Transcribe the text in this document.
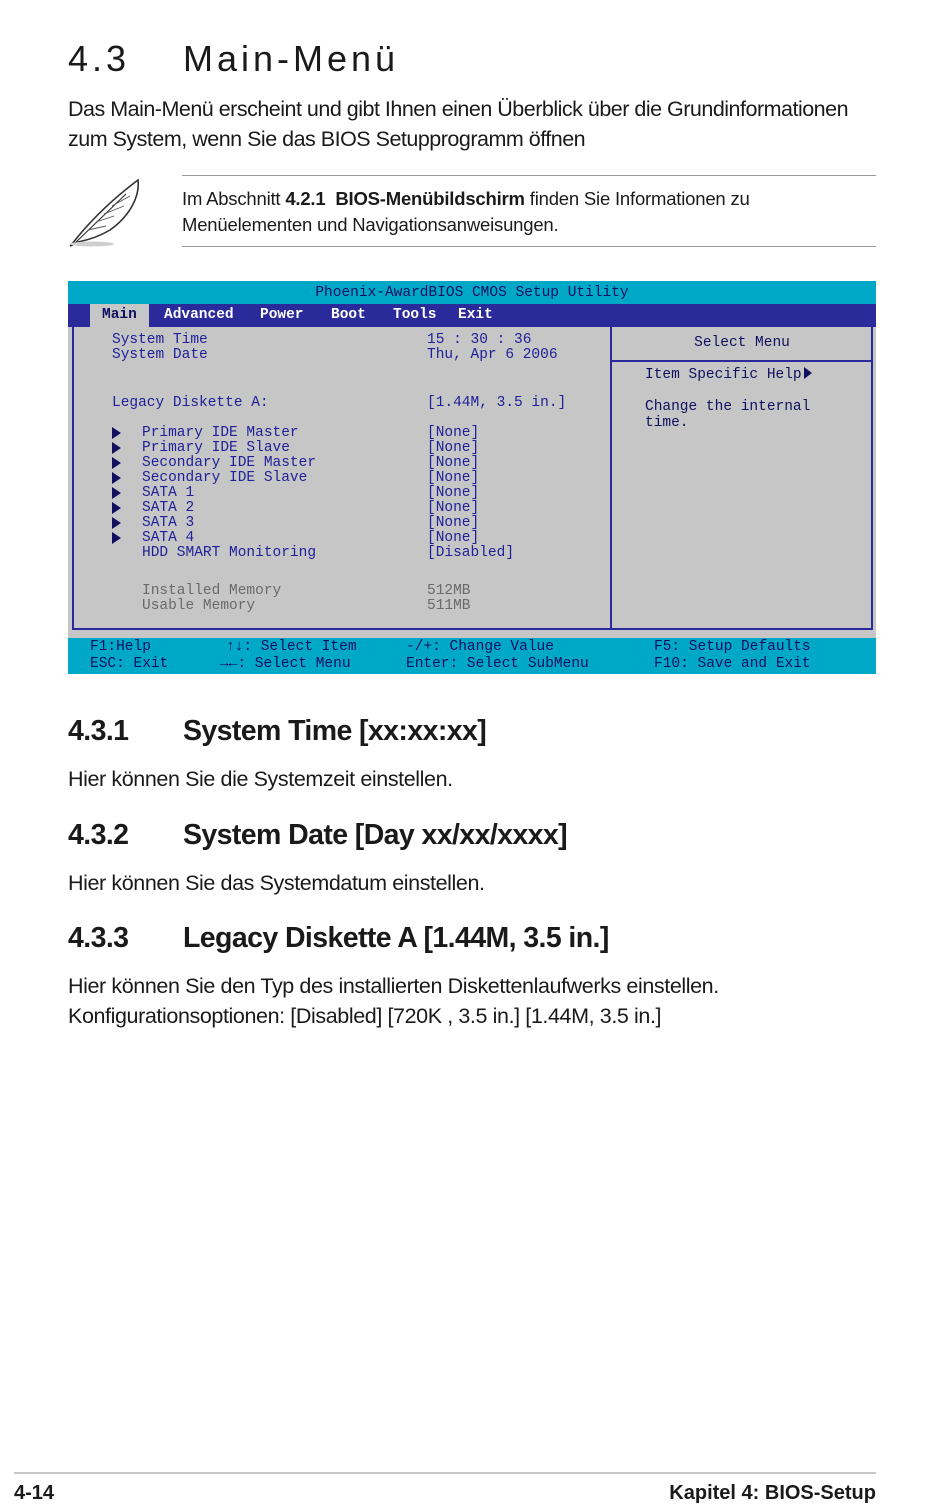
4.3 Main-Menü
Das Main-Menü erscheint und gibt Ihnen einen Überblick über die Grundinformationen zum System, wenn Sie das BIOS Setupprogramm öffnen
Im Abschnitt 4.2.1 BIOS-Menübildschirm finden Sie Informationen zu Menüelementen und Navigationsanweisungen.
Phoenix-AwardBIOS CMOS Setup Utility
Main	Advanced Power Boot Tools Exit
System Time	15 : 30 : 36
System Date	Thu, Apr 6 2006
Legacy Diskette A:	[1.44M, 3.5 in.]
Primary IDE Master	[None]
Primary IDE Slave	[None]
Secondary IDE Master	[None]
Secondary IDE Slave	[None]
SATA 1	[None]
SATA 2	[None]
SATA 3	[None]
SATA 4	[None]
HDD SMART Monitoring	[Disabled]
Installed Memory	512MB
Usable Memory	511MB
Select Menu
Item Specific Help
Change the internal
time.
F1:Help
ESC: Exit
↑↓: Select Item
→←: Select Menu
-/+: Change Value
Enter: Select SubMenu
F5: Setup Defaults
F10: Save and Exit
4.3.1 System Time [xx:xx:xx]
Hier können Sie die Systemzeit einstellen.
4.3.2 System Date [Day xx/xx/xxxx]
Hier können Sie das Systemdatum einstellen.
4.3.3 Legacy Diskette A [1.44M, 3.5 in.]
Hier können Sie den Typ des installierten Diskettenlaufwerks einstellen.
Konfigurationsoptionen: [Disabled] [720K , 3.5 in.] [1.44M, 3.5 in.]
4-14	Kapitel 4: BIOS-Setup
